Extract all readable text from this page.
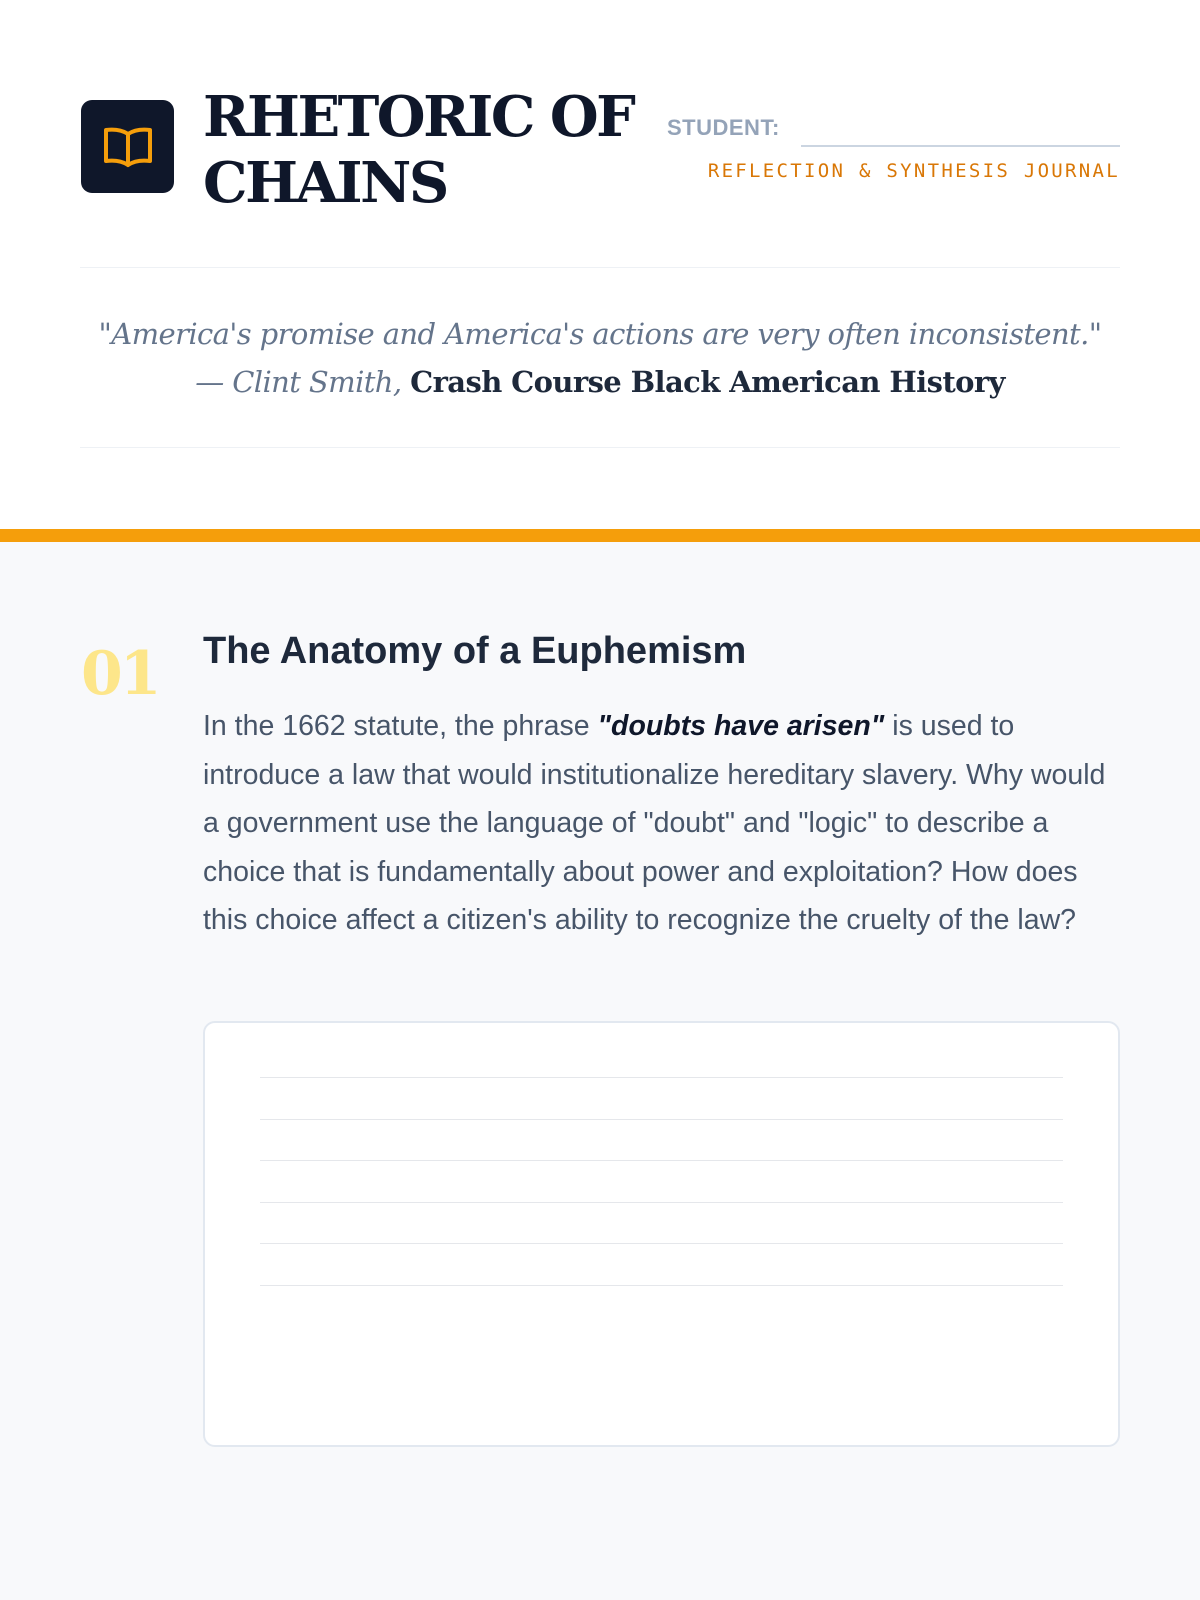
RHETORIC OF CHAINS
STUDENT:
REFLECTION & SYNTHESIS JOURNAL
"America's promise and America's actions are very often inconsistent."
— Clint Smith, Crash Course Black American History
01 The Anatomy of a Euphemism

In the 1662 statute, the phrase "doubts have arisen" is used to introduce a law that would institutionalize hereditary slavery. Why would a government use the language of "doubt" and "logic" to describe a choice that is fundamentally about power and exploitation? How does this choice affect a citizen's ability to recognize the cruelty of the law?
